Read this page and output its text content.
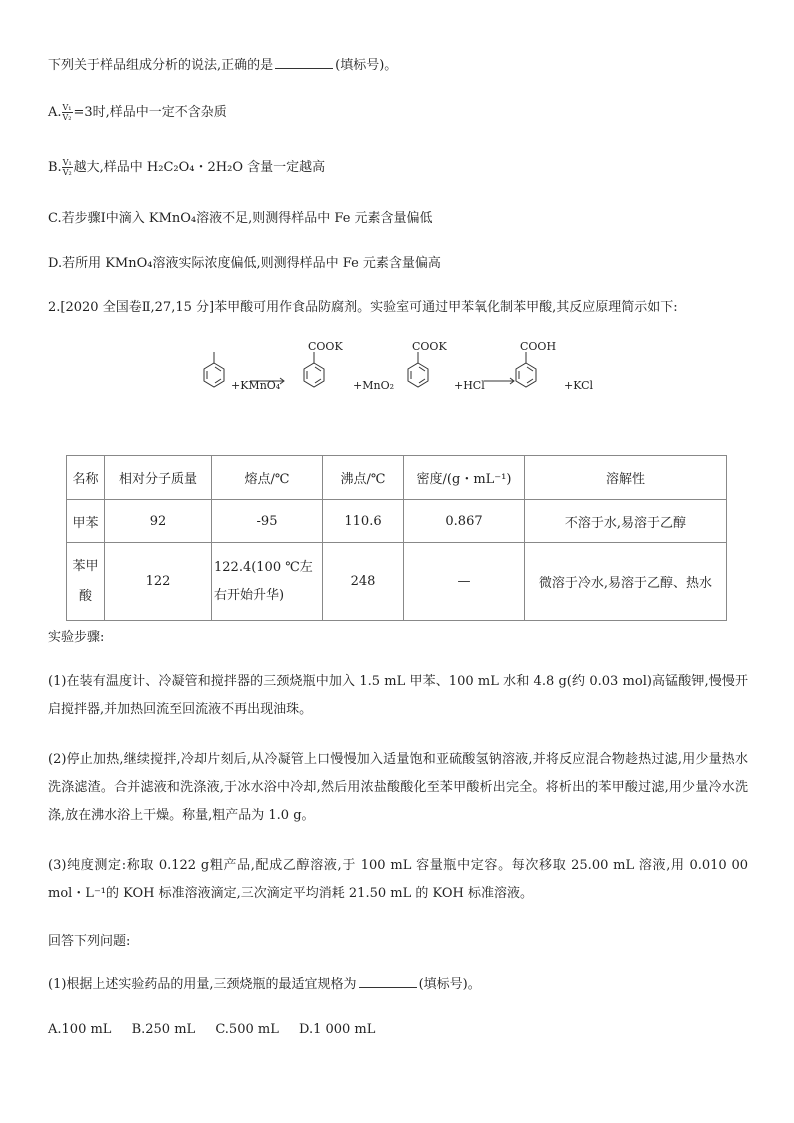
下列关于样品组成分析的说法,正确的是	(填标号)。
A. $\frac{\text{V₁}}{\text{V₂}} =3$时,样品中一定不含杂质
B. $\frac{\text{V₁}}{\text{V₂}}$ 越大,样品中 H₂C₂O₄・2H₂O 含量一定越高
C.若步骤Ⅰ中滴入 KMnO₄溶液不足,则测得样品中 Fe 元素含量偏低
D.若所用 KMnO₄溶液实际浓度偏低,则测得样品中 Fe 元素含量偏高
2.[2020 全国卷Ⅱ,27,15 分]苯甲酸可用作食品防腐剂。实验室可通过甲苯氧化制苯甲酸,其反应原理简示如下:
+KMnO₄
COOK
+MnO₂
COOK
+HCl
COOH
+KCl
名称	相对分子质量	熔点/℃	沸点/℃	密度/(g・mL⁻¹)	溶解性
甲苯	92	-95	110.6	0.867	不溶于水,易溶于乙醇
苯甲酸	122	122.4(100 ℃左右开始升华)	248	—	微溶于冷水,易溶于乙醇、热水
实验步骤:
(1)在装有温度计、冷凝管和搅拌器的三颈烧瓶中加入 1.5 mL 甲苯、100 mL 水和 4.8 g(约 0.03 mol)高锰酸钾,慢慢开启搅拌器,并加热回流至回流液不再出现油珠。
(2)停止加热,继续搅拌,冷却片刻后,从冷凝管上口慢慢加入适量饱和亚硫酸氢钠溶液,并将反应混合物趁热过滤,用少量热水洗涤滤渣。合并滤液和洗涤液,于冰水浴中冷却,然后用浓盐酸酸化至苯甲酸析出完全。将析出的苯甲酸过滤,用少量冷水洗涤,放在沸水浴上干燥。称量,粗产品为 1.0 g。
(3)纯度测定:称取 0.122 g粗产品,配成乙醇溶液,于 100 mL 容量瓶中定容。每次移取 25.00 mL 溶液,用 0.010 00 mol・L⁻¹的 KOH 标准溶液滴定,三次滴定平均消耗 21.50 mL 的 KOH 标准溶液。
回答下列问题:
(1)根据上述实验药品的用量,三颈烧瓶的最适宜规格为	(填标号)。
A.100 mL B.250 mL C.500 mL D.1 000 mL
